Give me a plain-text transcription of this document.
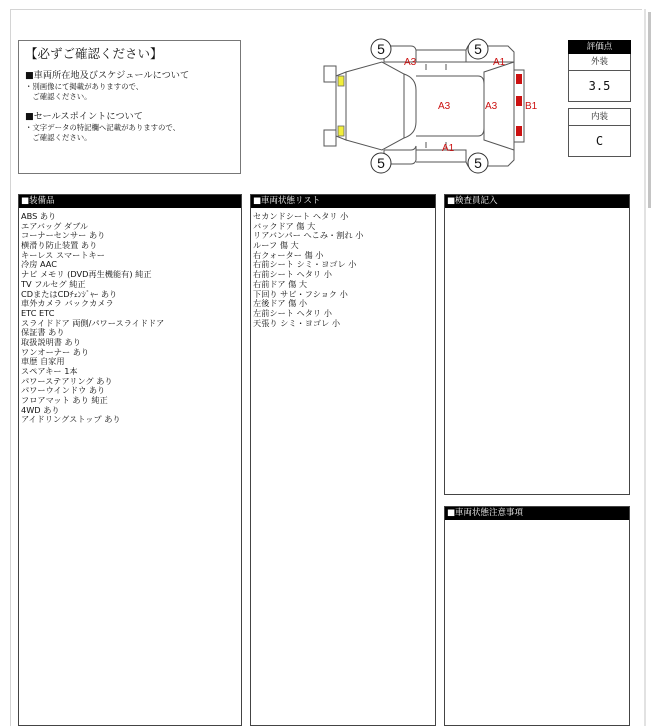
【必ずご確認ください】
■車両所在地及びスケジュールについて
・別画像にて掲載がありますので、
　ご確認ください。
■セールスポイントについて
・文字データの特記欄へ記載がありますので、
　ご確認ください。
5	5
5	5
A3	A1
A3	A3	B1
A1
評価点
外装
3.5
内装
C
■装備品
ABS あり
エアバッグ ダブル
コーナーセンサー あり
横滑り防止装置 あり
キーレス スマートキー
冷房 AAC
ナビ メモリ (DVD再生機能有) 純正
TV フルセグ 純正
CDまたはCDﾁｪﾝｼﾞｬｰ あり
車外カメラ バックカメラ
ETC ETC
スライドドア 両側/パワースライドドア
保証書 あり
取扱説明書 あり
ワンオーナー あり
車歴 自家用
スペアキー 1本
パワーステアリング あり
パワーウインドウ あり
フロアマット あり 純正
4WD あり
アイドリングストップ あり
■車両状態リスト
セカンドシート ヘタリ 小
バックドア 傷 大
リアバンパー へこみ・割れ 小
ルーフ 傷 大
右クォーター 傷 小
右前シート シミ・ヨゴレ 小
右前シート ヘタリ 小
右前ドア 傷 大
下回り サビ・フショク 小
左後ドア 傷 小
左前シート ヘタリ 小
天張り シミ・ヨゴレ 小
■検査員記入
■車両状態注意事項
